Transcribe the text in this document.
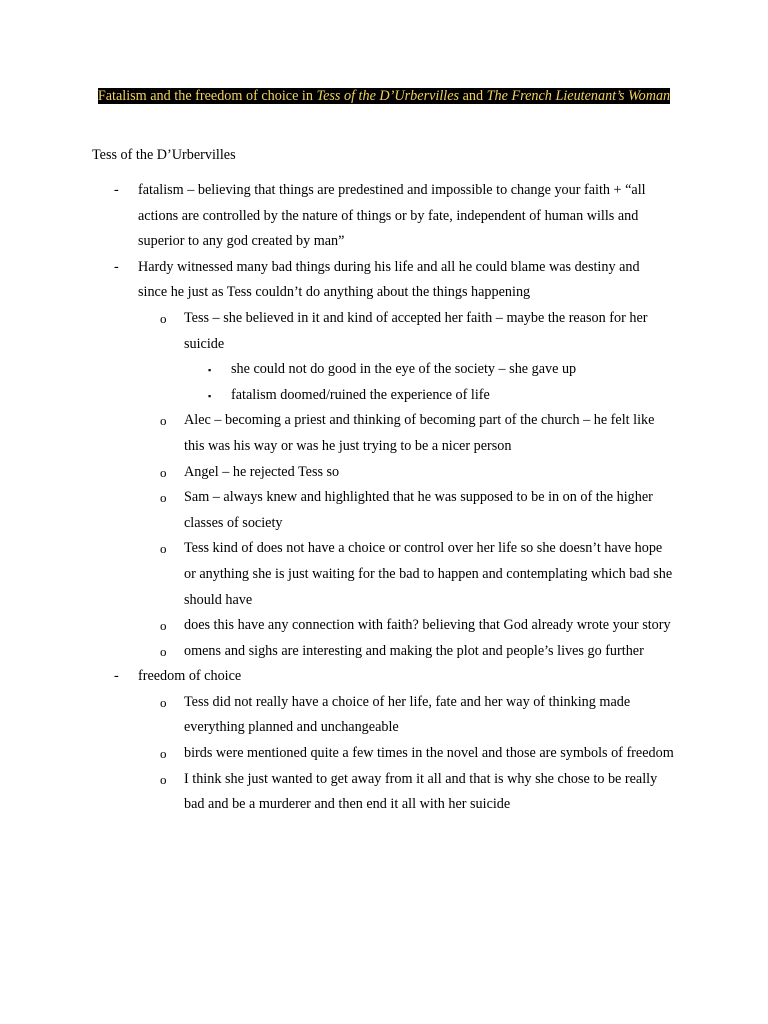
Fatalism and the freedom of choice in Tess of the D’Urbervilles and The French Lieutenant’s Woman
Tess of the D’Urbervilles
- fatalism – believing that things are predestined and impossible to change your faith + “all actions are controlled by the nature of things or by fate, independent of human wills and superior to any god created by man”
- Hardy witnessed many bad things during his life and all he could blame was destiny and since he just as Tess couldn’t do anything about the things happening
o Tess – she believed in it and kind of accepted her faith – maybe the reason for her suicide
▪ she could not do good in the eye of the society – she gave up
▪ fatalism doomed/ruined the experience of life
o Alec – becoming a priest and thinking of becoming part of the church – he felt like this was his way or was he just trying to be a nicer person
o Angel – he rejected Tess so
o Sam – always knew and highlighted that he was supposed to be in on of the higher classes of society
o Tess kind of does not have a choice or control over her life so she doesn’t have hope or anything she is just waiting for the bad to happen and contemplating which bad she should have
o does this have any connection with faith? believing that God already wrote your story
o omens and sighs are interesting and making the plot and people’s lives go further
- freedom of choice
o Tess did not really have a choice of her life, fate and her way of thinking made everything planned and unchangeable
o birds were mentioned quite a few times in the novel and those are symbols of freedom
o I think she just wanted to get away from it all and that is why she chose to be really bad and be a murderer and then end it all with her suicide
